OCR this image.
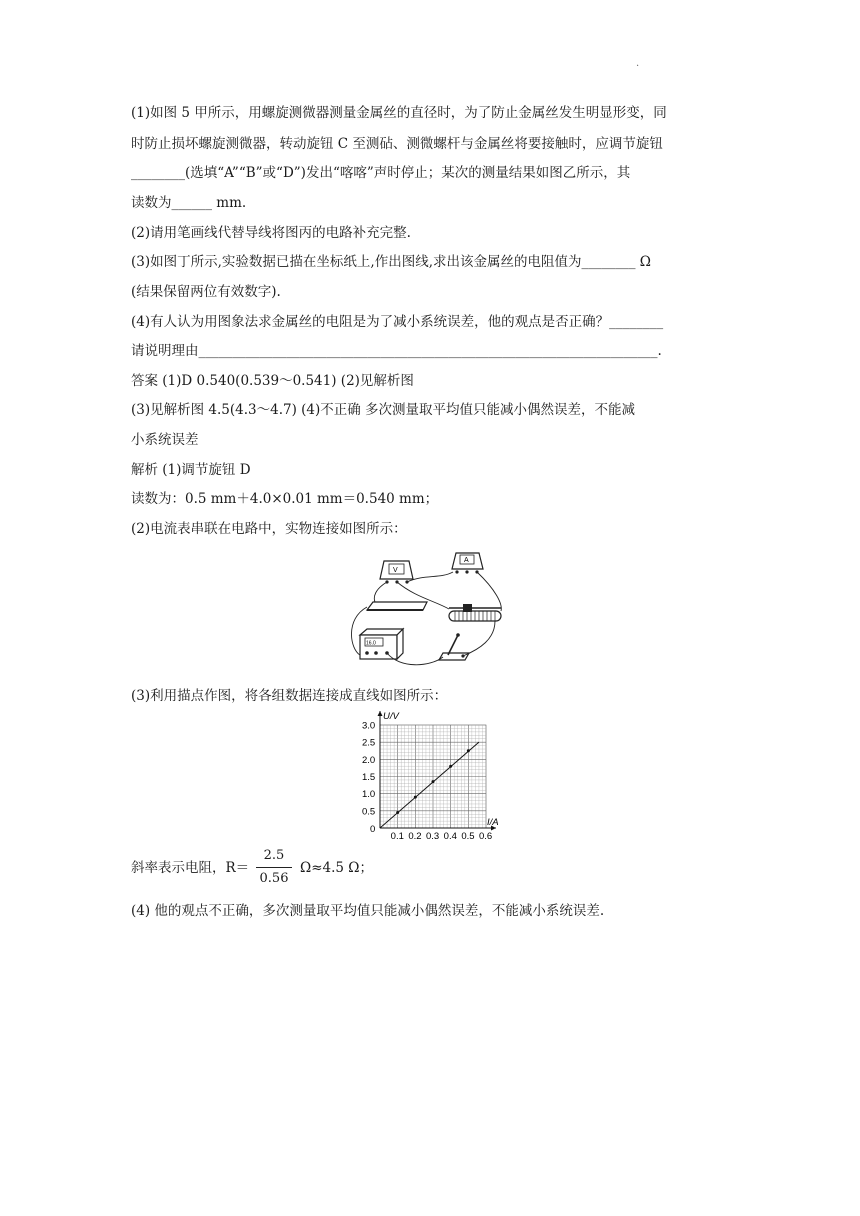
.
(1)如图 5 甲所示，用螺旋测微器测量金属丝的直径时，为了防止金属丝发生明显形变，同
时防止损坏螺旋测微器，转动旋钮 C 至测砧、测微螺杆与金属丝将要接触时，应调节旋钮
________(选填“A”“B”或“D”)发出“喀喀”声时停止；某次的测量结果如图乙所示，其
读数为______ mm.
(2)请用笔画线代替导线将图丙的电路补充完整.
(3)如图丁所示,实验数据已描在坐标纸上,作出图线,求出该金属丝的电阻值为________ Ω
(结果保留两位有效数字).
(4)有人认为用图象法求金属丝的电阻是为了减小系统误差，他的观点是否正确？________
请说明理由____________________________________________________________________.
答案 (1)D 0.540(0.539～0.541) (2)见解析图
(3)见解析图 4.5(4.3～4.7) (4)不正确 多次测量取平均值只能减小偶然误差，不能减
小系统误差
解析 (1)调节旋钮 D
读数为：0.5 mm＋4.0×0.01 mm＝0.540 mm；
(2)电流表串联在电路中，实物连接如图所示：
V
A
16.0
(3)利用描点作图，将各组数据连接成直线如图所示：
0.1 0.2 0.3 0.4 0.5 0.6
0.5
1.0
1.5
2.0
2.5
3.0
0
U/V
I/A
斜率表示电阻，R＝
2.5
0.56
Ω≈4.5 Ω；
(4) 他的观点不正确，多次测量取平均值只能减小偶然误差，不能减小系统误差.
